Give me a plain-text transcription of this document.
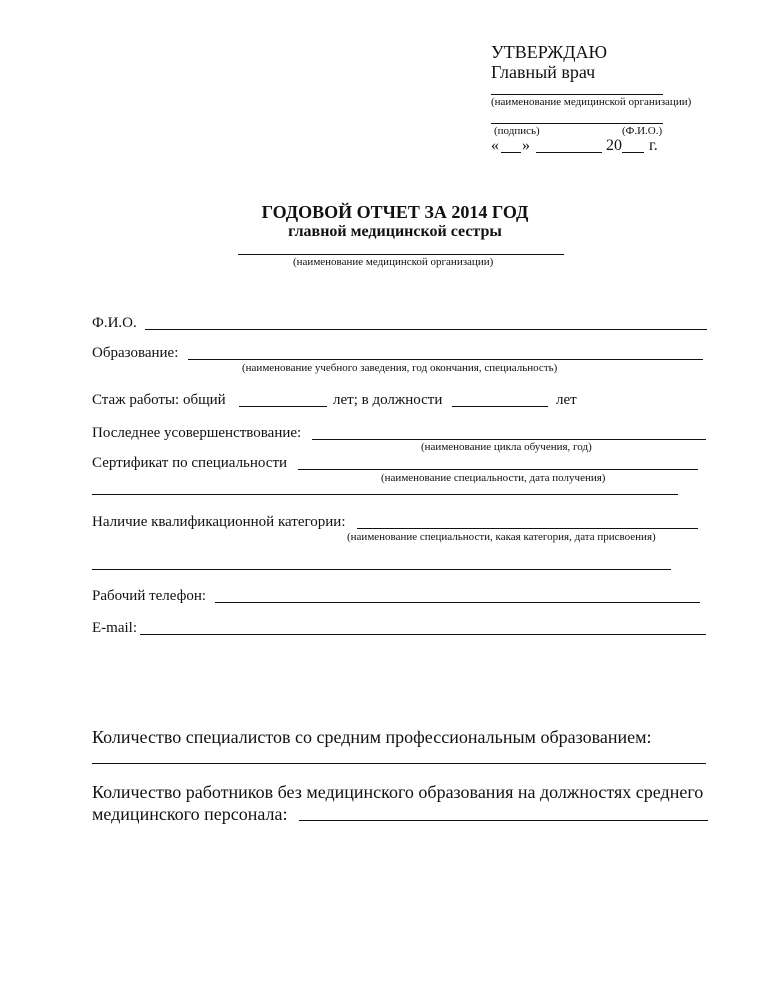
УТВЕРЖДАЮ
Главный врач
(наименование медицинской организации)
(подпись)	(Ф.И.О.)
« »	20 г.
ГОДОВОЙ ОТЧЕТ ЗА 2014 ГОД
главной медицинской сестры
(наименование медицинской организации)
Ф.И.О.
Образование:
(наименование учебного заведения, год окончания, специальность)
Стаж работы: общий	лет; в должности	лет
Последнее усовершенствование:
(наименование цикла обучения, год)
Сертификат по специальности
(наименование специальности, дата получения)
Наличие квалификационной категории:
(наименование специальности, какая категория, дата присвоения)
Рабочий телефон:
E-mail:
Количество специалистов со средним профессиональным образованием:
Количество работников без медицинского образования на должностях среднего
медицинского персонала:
